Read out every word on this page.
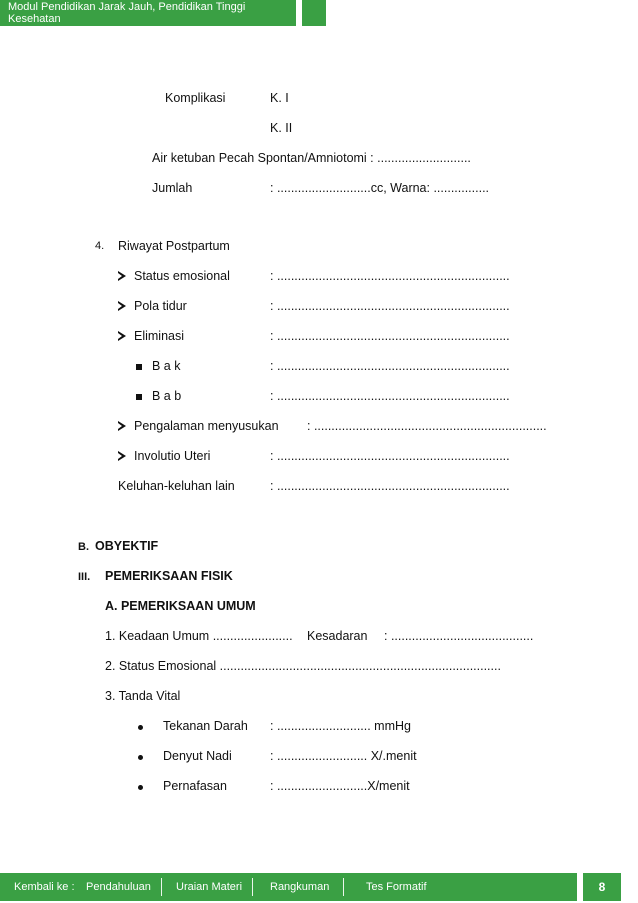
Modul Pendidikan Jarak Jauh, Pendidikan Tinggi Kesehatan
Komplikasi	K. I
K. II
Air ketuban Pecah Spontan/Amniotomi : ...........................
Jumlah	: ...........................cc, Warna: ................
4. Riwayat Postpartum
Status emosional	: ...................................................................
Pola tidur	: ...................................................................
Eliminasi	: ...................................................................
B a k	: ...................................................................
B a b	: ...................................................................
Pengalaman menyusukan : ...................................................................
Involutio Uteri	: ...................................................................
Keluhan-keluhan lain	: ...................................................................
B. OBYEKTIF
III. PEMERIKSAAN FISIK
A. PEMERIKSAAN UMUM
1. Keadaan Umum ....................... Kesadaran : .........................................
2. Status Emosional .................................................................................
3. Tanda Vital
Tekanan Darah : ........................... mmHg
Denyut Nadi	: .......................... X/.menit
Pernafasan	: ..........................X/menit
Kembali ke : Pendahuluan Uraian Materi	Rangkuman	Tes Formatif	8
